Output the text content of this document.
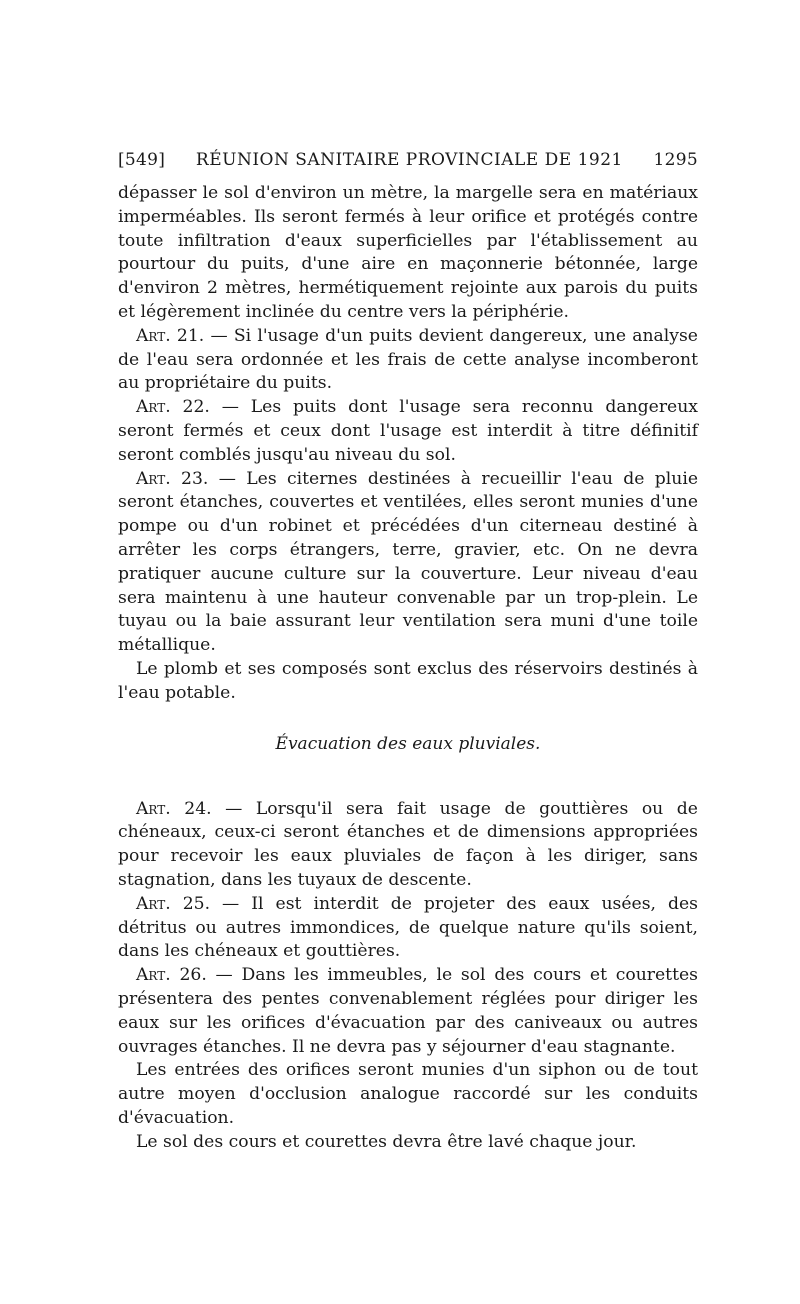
[549] RÉUNION SANITAIRE PROVINCIALE DE 1921 1295

dépasser le sol d'environ un mètre, la margelle sera en matériaux imperméables. Ils seront fermés à leur orifice et protégés contre toute infiltration d'eaux superficielles par l'établissement au pourtour du puits, d'une aire en maçonnerie bétonnée, large d'environ 2 mètres, hermétiquement rejointe aux parois du puits et légèrement inclinée du centre vers la périphérie.

Art. 21. — Si l'usage d'un puits devient dangereux, une analyse de l'eau sera ordonnée et les frais de cette analyse incomberont au propriétaire du puits.

Art. 22. — Les puits dont l'usage sera reconnu dangereux seront fermés et ceux dont l'usage est interdit à titre définitif seront comblés jusqu'au niveau du sol.

Art. 23. — Les citernes destinées à recueillir l'eau de pluie seront étanches, couvertes et ventilées, elles seront munies d'une pompe ou d'un robinet et précédées d'un citerneau destiné à arrêter les corps étrangers, terre, gravier, etc. On ne devra pratiquer aucune culture sur la couverture. Leur niveau d'eau sera maintenu à une hauteur convenable par un trop-plein. Le tuyau ou la baie assurant leur ventilation sera muni d'une toile métallique.

Le plomb et ses composés sont exclus des réservoirs destinés à l'eau potable.

Évacuation des eaux pluviales.

Art. 24. — Lorsqu'il sera fait usage de gouttières ou de chéneaux, ceux-ci seront étanches et de dimensions appropriées pour recevoir les eaux pluviales de façon à les diriger, sans stagnation, dans les tuyaux de descente.

Art. 25. — Il est interdit de projeter des eaux usées, des détritus ou autres immondices, de quelque nature qu'ils soient, dans les chéneaux et gouttières.

Art. 26. — Dans les immeubles, le sol des cours et courettes présentera des pentes convenablement réglées pour diriger les eaux sur les orifices d'évacuation par des caniveaux ou autres ouvrages étanches. Il ne devra pas y séjourner d'eau stagnante.

Les entrées des orifices seront munies d'un siphon ou de tout autre moyen d'occlusion analogue raccordé sur les conduits d'évacuation.

Le sol des cours et courettes devra être lavé chaque jour.
